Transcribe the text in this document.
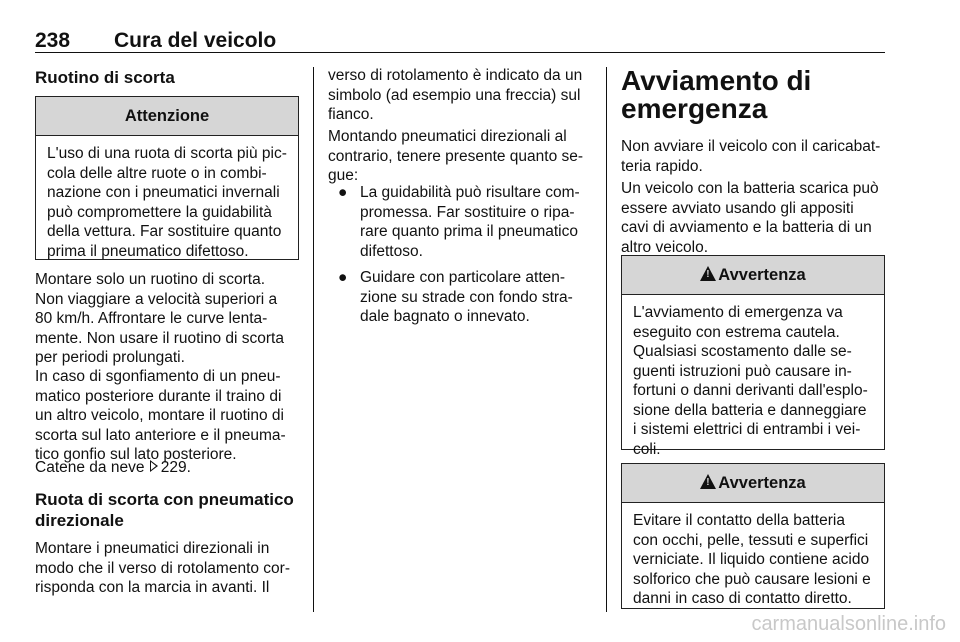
238 Cura del veicolo
Ruotino di scorta
Attenzione

L'uso di una ruota di scorta più pic-
cola delle altre ruote o in combi-
nazione con i pneumatici invernali
può compromettere la guidabilità
della vettura. Far sostituire quanto
prima il pneumatico difettoso.

Montare solo un ruotino di scorta.
Non viaggiare a velocità superiori a
80 km/h. Affrontare le curve lenta-
mente. Non usare il ruotino di scorta
per periodi prolungati.

In caso di sgonfiamento di un pneu-
matico posteriore durante il traino di
un altro veicolo, montare il ruotino di
scorta sul lato anteriore e il pneuma-
tico gonfio sul lato posteriore.

Catene da neve 229.

Ruota di scorta con pneumatico
direzionale

Montare i pneumatici direzionali in
modo che il verso di rotolamento cor-
risponda con la marcia in avanti. Il

verso di rotolamento è indicato da un
simbolo (ad esempio una freccia) sul
fianco.

Montando pneumatici direzionali al
contrario, tenere presente quanto se-
gue:

● La guidabilità può risultare com-
promessa. Far sostituire o ripa-
rare quanto prima il pneumatico
difettoso.
● Guidare con particolare atten-
zione su strade con fondo stra-
dale bagnato o innevato.
Avviamento di
emergenza

Non avviare il veicolo con il caricabat-
teria rapido.

Un veicolo con la batteria scarica può
essere avviato usando gli appositi
cavi di avviamento e la batteria di un
altro veicolo.

!Avvertenza

L'avviamento di emergenza va
eseguito con estrema cautela.
Qualsiasi scostamento dalle se-
guenti istruzioni può causare in-
fortuni o danni derivanti dall'esplo-
sione della batteria e danneggiare
i sistemi elettrici di entrambi i vei-
coli.

!Avvertenza

Evitare il contatto della batteria
con occhi, pelle, tessuti e superfici
verniciate. Il liquido contiene acido
solforico che può causare lesioni e
danni in caso di contatto diretto.

carmanualsonline.info
